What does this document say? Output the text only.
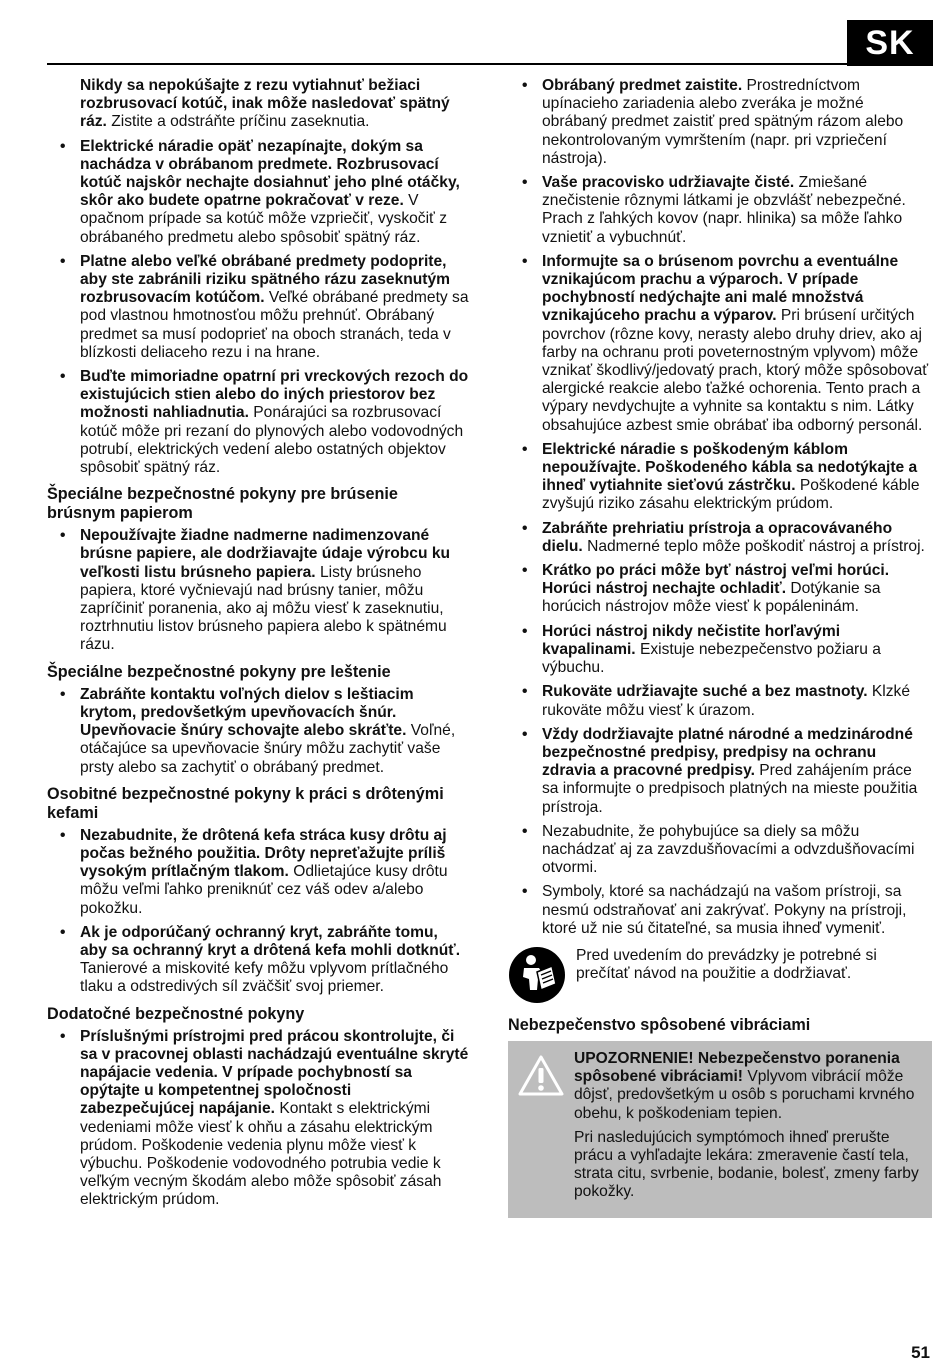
SK

Nikdy sa nepokúšajte z rezu vytiahnuť bežiaci rozbrusovací kotúč, inak môže nasledovať spätný ráz. Zistite a odstráňte príčinu zaseknutia.

• Elektrické náradie opäť nezapínajte, dokým sa nachádza v obrábanom predmete. Rozbrusovací kotúč najskôr nechajte dosiahnuť jeho plné otáčky, skôr ako budete opatrne pokračovať v reze. V opačnom prípade sa kotúč môže vzpriečiť, vyskočiť z obrábaného predmetu alebo spôsobiť spätný ráz.

• Platne alebo veľké obrábané predmety podoprite, aby ste zabránili riziku spätného rázu zaseknutým rozbrusovacím kotúčom. Veľké obrábané predmety sa pod vlastnou hmotnosťou môžu prehnúť. Obrábaný predmet sa musí podoprieť na oboch stranách, teda v blízkosti deliaceho rezu i na hrane.

• Buďte mimoriadne opatrní pri vreckových rezoch do existujúcich stien alebo do iných priestorov bez možnosti nahliadnutia. Ponárajúci sa rozbrusovací kotúč môže pri rezaní do plynových alebo vodovodných potrubí, elektrických vedení alebo ostatných objektov spôsobiť spätný ráz.

Špeciálne bezpečnostné pokyny pre brúsenie brúsnym papierom

• Nepoužívajte žiadne nadmerne nadimenzované brúsne papiere, ale dodržiavajte údaje výrobcu ku veľkosti listu brúsneho papiera. Listy brúsneho papiera, ktoré vyčnievajú nad brúsny tanier, môžu zapríčiniť poranenia, ako aj môžu viesť k zaseknutiu, roztrhnutiu listov brúsneho papiera alebo k spätnému rázu.

Špeciálne bezpečnostné pokyny pre leštenie

• Zabráňte kontaktu voľných dielov s leštiacim krytom, predovšetkým upevňovacích šnúr. Upevňovacie šnúry schovajte alebo skráťte. Voľné, otáčajúce sa upevňovacie šnúry môžu zachytiť vaše prsty alebo sa zachytiť o obrábaný predmet.

Osobitné bezpečnostné pokyny k práci s drôtenými kefami

• Nezabudnite, že drôtená kefa stráca kusy drôtu aj počas bežného použitia. Drôty nepreťažujte príliš vysokým prítlačným tlakom. Odlietajúce kusy drôtu môžu veľmi ľahko preniknúť cez váš odev a/alebo pokožku.

• Ak je odporúčaný ochranný kryt, zabráňte tomu, aby sa ochranný kryt a drôtená kefa mohli dotknúť. Tanierové a miskovité kefy môžu vplyvom prítlačného tlaku a odstredivých síl zväčšiť svoj priemer.

Dodatočné bezpečnostné pokyny

• Príslušnými prístrojmi pred prácou skontrolujte, či sa v pracovnej oblasti nachádzajú eventuálne skryté napájacie vedenia. V prípade pochybností sa opýtajte u kompetentnej spoločnosti zabezpečujúcej napájanie. Kontakt s elektrickými vedeniami môže viesť k ohňu a zásahu elektrickým prúdom. Poškodenie vedenia plynu môže viesť k výbuchu. Poškodenie vodovodného potrubia vedie k veľkým vecným škodám alebo môže spôsobiť zásah elektrickým prúdom.

• Obrábaný predmet zaistite. Prostredníctvom upínacieho zariadenia alebo zveráka je možné obrábaný predmet zaistiť pred spätným rázom alebo nekontrolovaným vymrštením (napr. pri vzpriečení nástroja).

• Vaše pracovisko udržiavajte čisté. Zmiešané znečistenie rôznymi látkami je obzvlášť nebezpečné. Prach z ľahkých kovov (napr. hlinika) sa môže ľahko vznietiť a vybuchnúť.

• Informujte sa o brúsenom povrchu a eventuálne vznikajúcom prachu a výparoch. V prípade pochybností nedýchajte ani malé množstvá vznikajúceho prachu a výparov. Pri brúsení určitých povrchov (rôzne kovy, nerasty alebo druhy driev, ako aj farby na ochranu proti poveternostným vplyvom) môže vznikať škodlivý/jedovatý prach, ktorý môže spôsobovať alergické reakcie alebo ťažké ochorenia. Tento prach a výpary nevdychujte a vyhnite sa kontaktu s nim. Látky obsahujúce azbest smie obrábať iba odborný personál.

• Elektrické náradie s poškodeným káblom nepoužívajte. Poškodeného kábla sa nedotýkajte a ihneď vytiahnite sieťovú zástrčku. Poškodené káble zvyšujú riziko zásahu elektrickým prúdom.

• Zabráňte prehriatiu prístroja a opracovávaného dielu. Nadmerné teplo môže poškodiť nástroj a prístroj.

• Krátko po práci môže byť nástroj veľmi horúci. Horúci nástroj nechajte ochladiť. Dotýkanie sa horúcich nástrojov môže viesť k popáleninám.

• Horúci nástroj nikdy nečistite horľavými kvapalinami. Existuje nebezpečenstvo požiaru a výbuchu.

• Rukoväte udržiavajte suché a bez mastnoty. Klzké rukoväte môžu viesť k úrazom.

• Vždy dodržiavajte platné národné a medzinárodné bezpečnostné predpisy, predpisy na ochranu zdravia a pracovné predpisy. Pred zahájením práce sa informujte o predpisoch platných na mieste použitia prístroja.

• Nezabudnite, že pohybujúce sa diely sa môžu nachádzať aj za zavzdušňovacími a odvzdušňovacími otvormi.

• Symboly, ktoré sa nachádzajú na vašom prístroji, sa nesmú odstraňovať ani zakrývať. Pokyny na prístroji, ktoré už nie sú čitateľné, sa musia ihneď vymeniť.

Pred uvedením do prevádzky je potrebné si prečítať návod na použitie a dodržiavať.
Nebezpečenstvo spôsobené vibráciami

UPOZORNENIE! Nebezpečenstvo poranenia spôsobené vibráciami! Vplyvom vibrácií môže dôjsť, predovšetkým u osôb s poruchami krvného obehu, k poškodeniam tepien.

Pri nasledujúcich symptómoch ihneď prerušte prácu a vyhľadajte lekára: zmeravenie častí tela, strata citu, svrbenie, bodanie, bolesť, zmeny farby pokožky.

51
